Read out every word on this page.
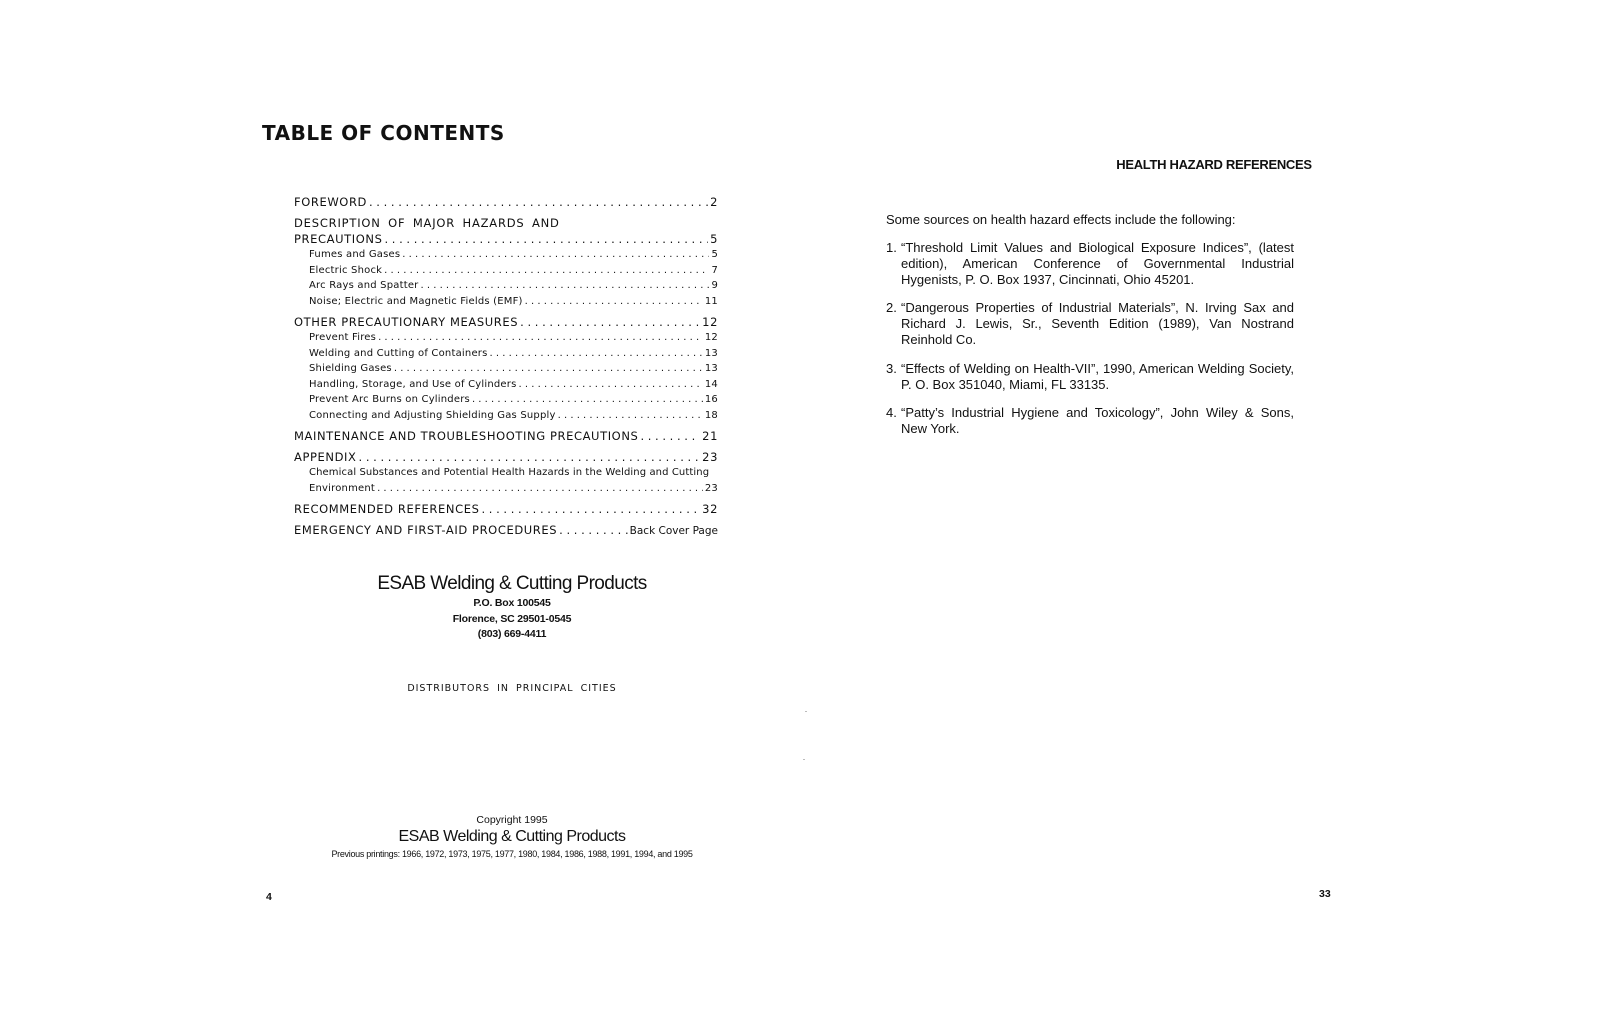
TABLE OF CONTENTS
FOREWORD . . .	2
DESCRIPTION OF MAJOR HAZARDS AND
PRECAUTIONS . . .	5
Fumes and Gases . . .	5
Electric Shock . . .	7
Arc Rays and Spatter . . .	9
Noise; Electric and Magnetic Fields (EMF) . . .	11
OTHER PRECAUTIONARY MEASURES . . .	12
Prevent Fires . . .	12
Welding and Cutting of Containers . . .	13
Shielding Gases . . .	13
Handling, Storage, and Use of Cylinders . . .	14
Prevent Arc Burns on Cylinders . . .	16
Connecting and Adjusting Shielding Gas Supply . . .	18
MAINTENANCE AND TROUBLESHOOTING PRECAUTIONS . . .	21
APPENDIX . . .	23
Chemical Substances and Potential Health Hazards in the Welding and Cutting
Environment . . .	23
RECOMMENDED REFERENCES . . .	32
EMERGENCY AND FIRST-AID PROCEDURES . . .	Back Cover Page
ESAB Welding & Cutting Products
P.O. Box 100545
Florence, SC 29501-0545
(803) 669-4411
DISTRIBUTORS IN PRINCIPAL CITIES
Copyright 1995
ESAB Welding & Cutting Products
Previous printings: 1966, 1972, 1973, 1975, 1977, 1980, 1984, 1986, 1988, 1991, 1994, and 1995
4
HEALTH HAZARD REFERENCES

Some sources on health hazard effects include the following:

1. “Threshold Limit Values and Biological Exposure Indices”, (latest edition), American Conference of Governmental Industrial Hygenists, P. O. Box 1937, Cincinnati, Ohio 45201.
2. “Dangerous Properties of Industrial Materials”, N. Irving Sax and Richard J. Lewis, Sr., Seventh Edition (1989), Van Nostrand Reinhold Co.
3. “Effects of Welding on Health-VII”, 1990, American Welding Society, P. O. Box 351040, Miami, FL 33135.
4. “Patty’s Industrial Hygiene and Toxicology”, John Wiley & Sons, New York.
33
